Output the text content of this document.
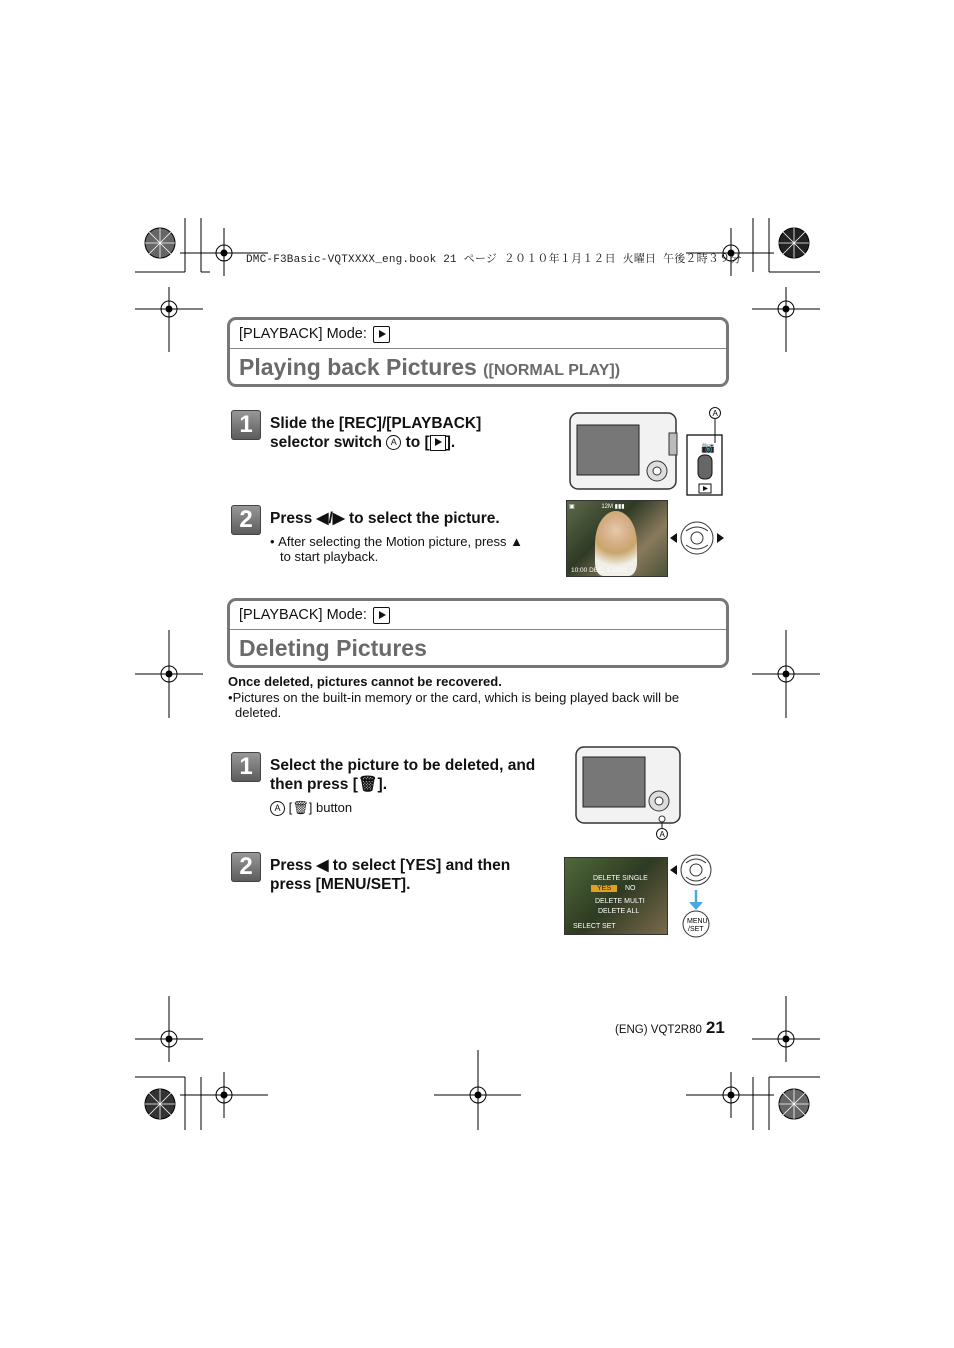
DMC-F3Basic-VQTXXXX_eng.book 21 ページ ２０１０年１月１２日 火曜日 午後２時３９分
[PLAYBACK] Mode:
Playing back Pictures ([NORMAL PLAY])
1	Slide the [REC]/[PLAYBACK]
selector switch A to [ ].	📷
A
2	Press ◀/▶ to select the picture.
• After selecting the Motion picture, press ▲
to start playback.
▣                12M ▮▮▮
10:00 DEC. 1.2010
[PLAYBACK] Mode:
Deleting Pictures
Once deleted, pictures cannot be recovered.
•Pictures on the built-in memory or the card, which is being played back will be
deleted.
1	Select the picture to be deleted, and
then press [🗑].
A [🗑] button
A
2	Press ◀ to select [YES] and then
press [MENU/SET].	DELETE SINGLE
YES	NO
DELETE MULTI
DELETE ALL
SELECT SET
MENU
/SET
(ENG) VQT2R80 21
